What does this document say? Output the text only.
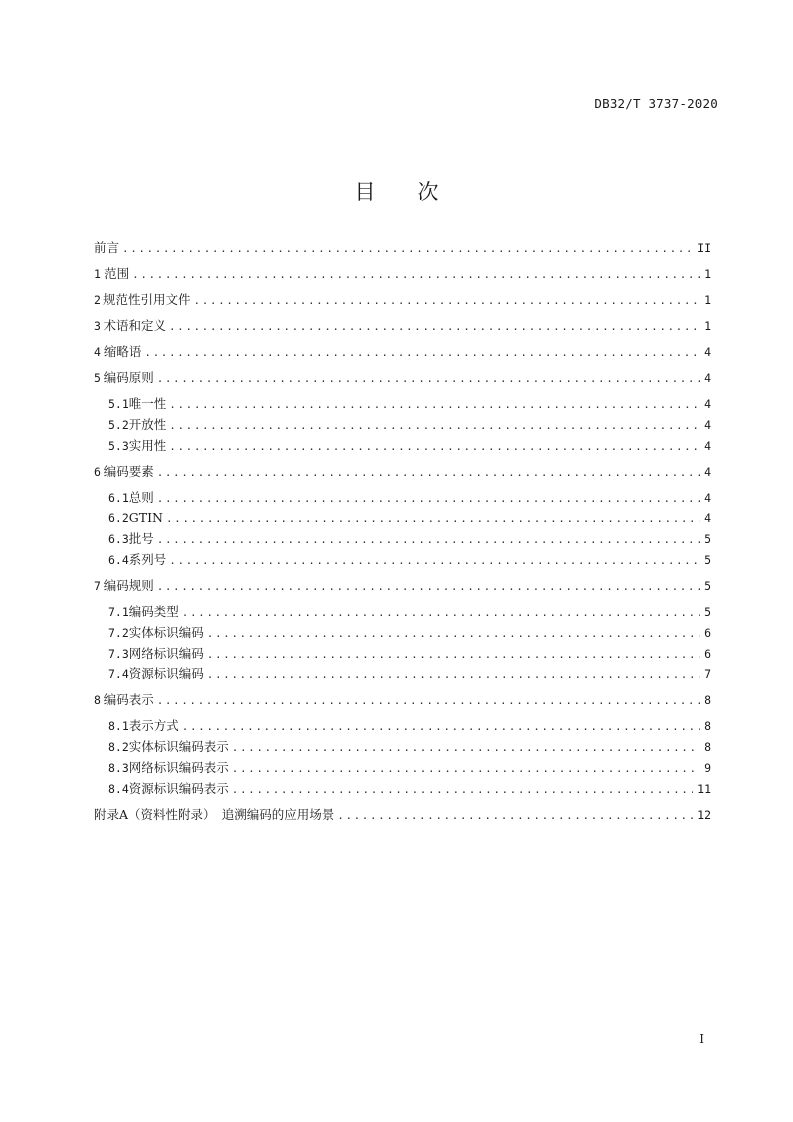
DB32/T 3737-2020
目次
前言 .....	II
1 范围 .....	1
2 规范性引用文件 .....	1
3 术语和定义 .....	1
4 缩略语 .....	4
5 编码原则 .....	4
5.1 唯一性 .....	4
5.2 开放性 .....	4
5.3 实用性 .....	4
6 编码要素 .....	4
6.1 总则 .....	4
6.2 GTIN .....	4
6.3 批号 .....	5
6.4 系列号 .....	5
7 编码规则 .....	5
7.1 编码类型 .....	5
7.2 实体标识编码 .....	6
7.3 网络标识编码 .....	6
7.4 资源标识编码 .....	7
8 编码表示 .....	8
8.1 表示方式 .....	8
8.2 实体标识编码表示 .....	8
8.3 网络标识编码表示 .....	9
8.4 资源标识编码表示 .....	11
附录A（资料性附录）　追溯编码的应用场景 .....	12
I
